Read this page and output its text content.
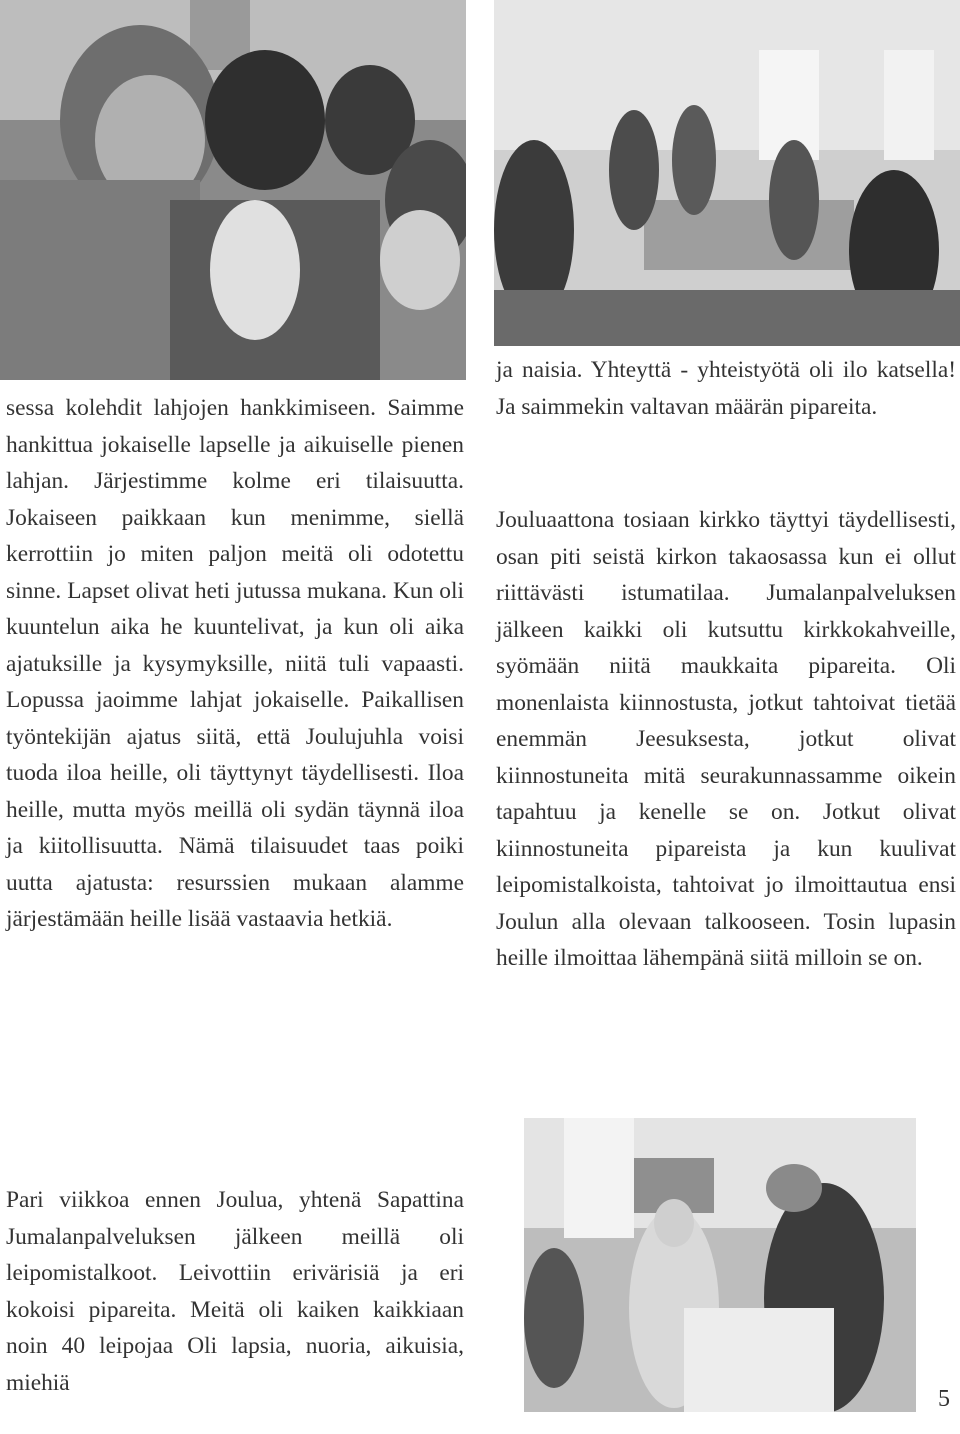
sessa kolehdit lahjojen hankkimiseen. Saimme hankittua jokaiselle lapselle ja aikuiselle pienen lahjan. Järjestimme kolme eri tilaisuutta. Jokaiseen paikkaan kun menimme, siellä kerrottiin jo miten paljon meitä oli odotettu sinne. Lapset olivat heti jutussa mukana. Kun oli kuuntelun aika he kuuntelivat, ja kun oli aika ajatuksille ja kysymyksille, niitä tuli vapaasti. Lopussa jaoimme lahjat jokaiselle. Paikallisen työntekijän ajatus siitä, että Joulujuhla voisi tuoda iloa heille, oli täyttynyt täydellisesti. Iloa heille, mutta myös meillä oli sydän täynnä iloa ja kiitollisuutta. Nämä tilaisuudet taas poiki uutta ajatusta: resurssien mukaan alamme järjestämään heille lisää vastaavia hetkiä.

Pari viikkoa ennen Joulua, yhtenä Sapattina Jumalanpalveluksen jälkeen meillä oli leipomistalkoot. Leivottiin erivärisiä ja eri kokoisi pipareita. Meitä oli kaiken kaikkiaan noin 40 leipojaa Oli lapsia, nuoria, aikuisia, miehiä

ja naisia. Yhteyttä - yhteistyötä oli ilo katsella! Ja saimmekin valtavan määrän pipareita.

Jouluaattona tosiaan kirkko täyttyi täydellisesti, osan piti seistä kirkon takaosassa kun ei ollut riittävästi istumatilaa. Jumalanpalveluksen jälkeen kaikki oli kutsuttu kirkkokahveille, syömään niitä maukkaita pipareita. Oli monenlaista kiinnostusta, jotkut tahtoivat tietää enemmän Jeesuksesta, jotkut olivat kiinnostuneita mitä seurakunnassamme oikein tapahtuu ja kenelle se on. Jotkut olivat kiinnostuneita pipareista ja kun kuulivat leipomistalkoista, tahtoivat jo ilmoittautua ensi Joulun alla olevaan talkooseen. Tosin lupasin heille ilmoittaa lähempänä siitä milloin se on.

5
